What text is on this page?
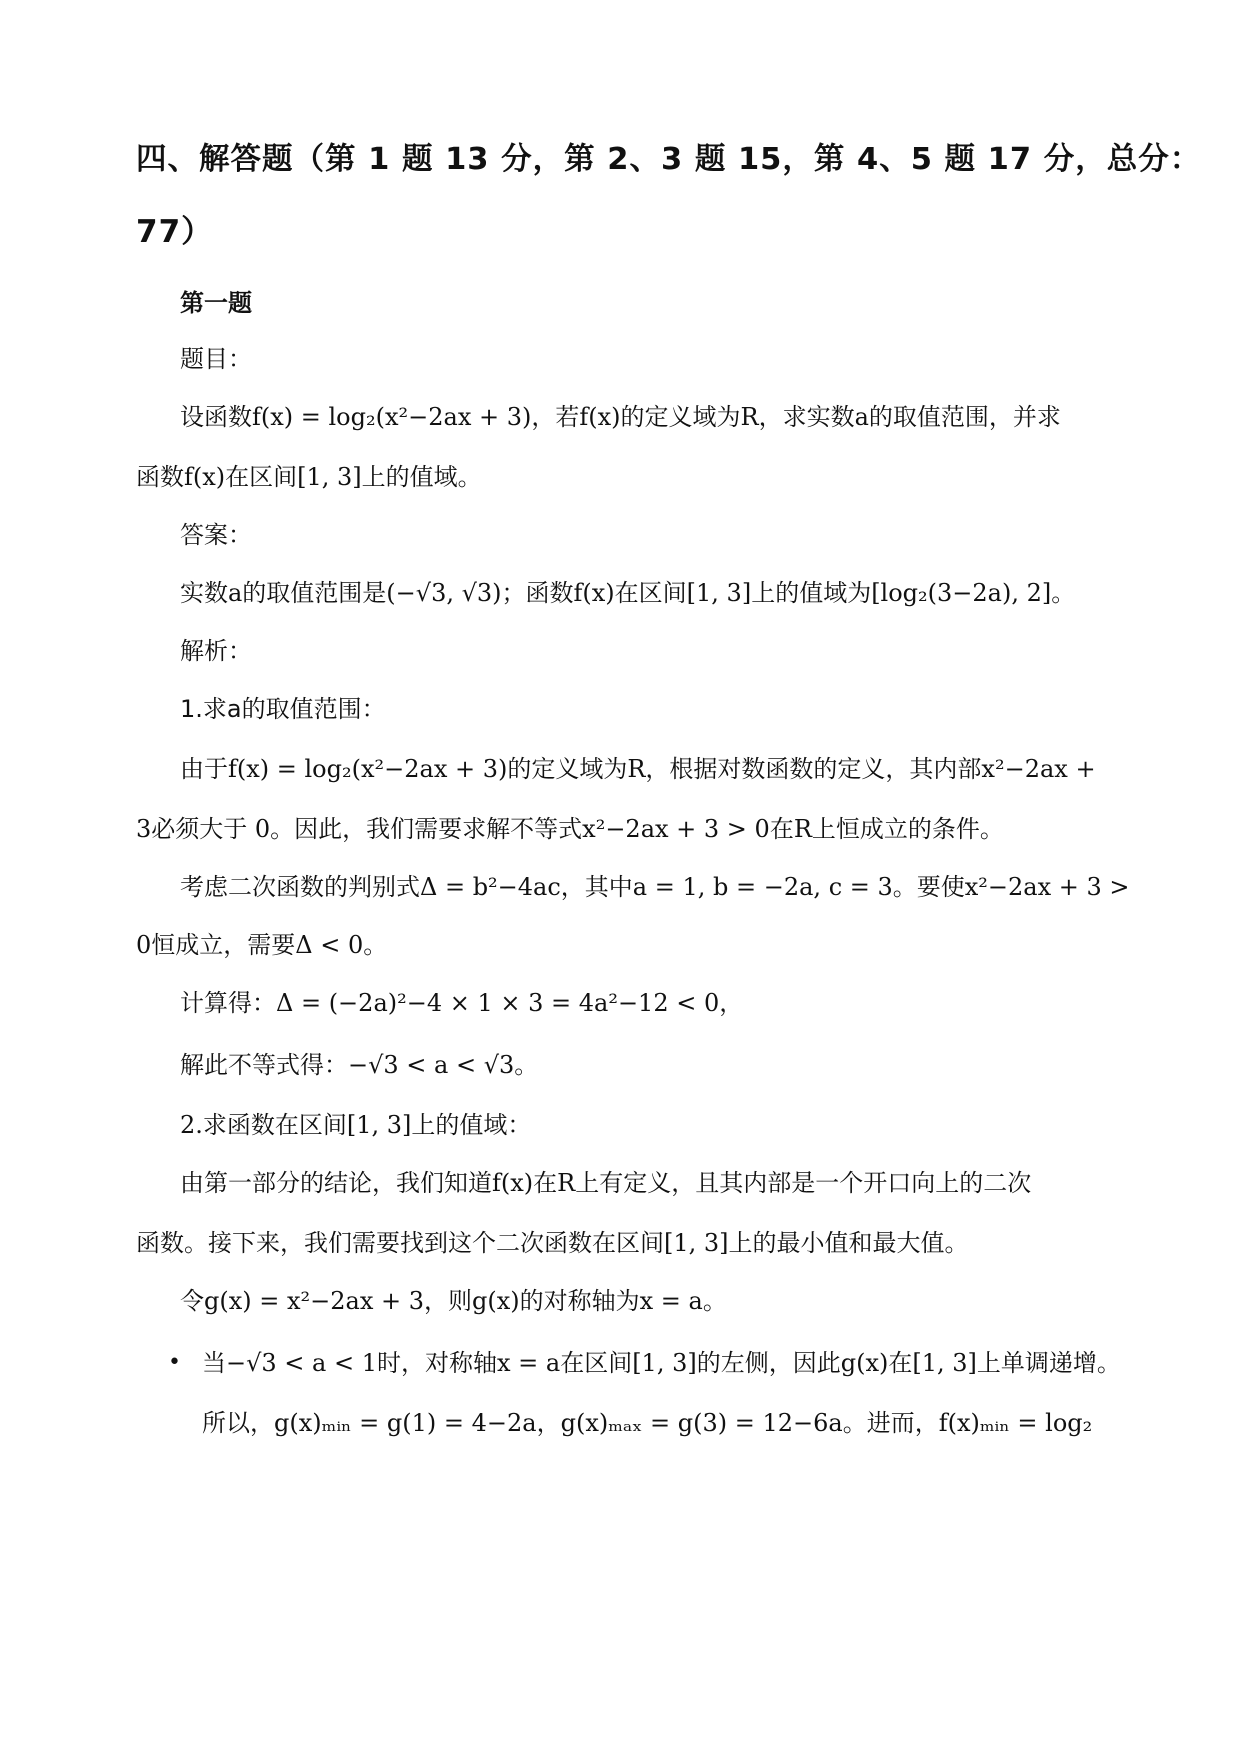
四、解答题（第 1 题 13 分，第 2、3 题 15，第 4、5 题 17 分，总分：
77）
第一题
题目：
设函数f(x) = log₂(x²−2ax + 3)，若f(x)的定义域为R，求实数a的取值范围，并求
函数f(x)在区间[1, 3]上的值域。
答案：
实数a的取值范围是(−√3, √3)；函数f(x)在区间[1, 3]上的值域为[log₂(3−2a), 2]。
解析：
1.求a的取值范围：
由于f(x) = log₂(x²−2ax + 3)的定义域为R，根据对数函数的定义，其内部x²−2ax +
3必须大于 0。因此，我们需要求解不等式x²−2ax + 3 > 0在R上恒成立的条件。
考虑二次函数的判别式Δ = b²−4ac，其中a = 1, b = −2a, c = 3。要使x²−2ax + 3 >
0恒成立，需要Δ < 0。
计算得：Δ = (−2a)²−4 × 1 × 3 = 4a²−12 < 0，
解此不等式得：−√3 < a < √3。
2.求函数在区间[1, 3]上的值域：
由第一部分的结论，我们知道f(x)在R上有定义，且其内部是一个开口向上的二次
函数。接下来，我们需要找到这个二次函数在区间[1, 3]上的最小值和最大值。
令g(x) = x²−2ax + 3，则g(x)的对称轴为x = a。
• 当−√3 < a < 1时，对称轴x = a在区间[1, 3]的左侧，因此g(x)在[1, 3]上单调递增。
所以，g(x)ₘᵢₙ = g(1) = 4−2a，g(x)ₘₐₓ = g(3) = 12−6a。进而，f(x)ₘᵢₙ = log₂
